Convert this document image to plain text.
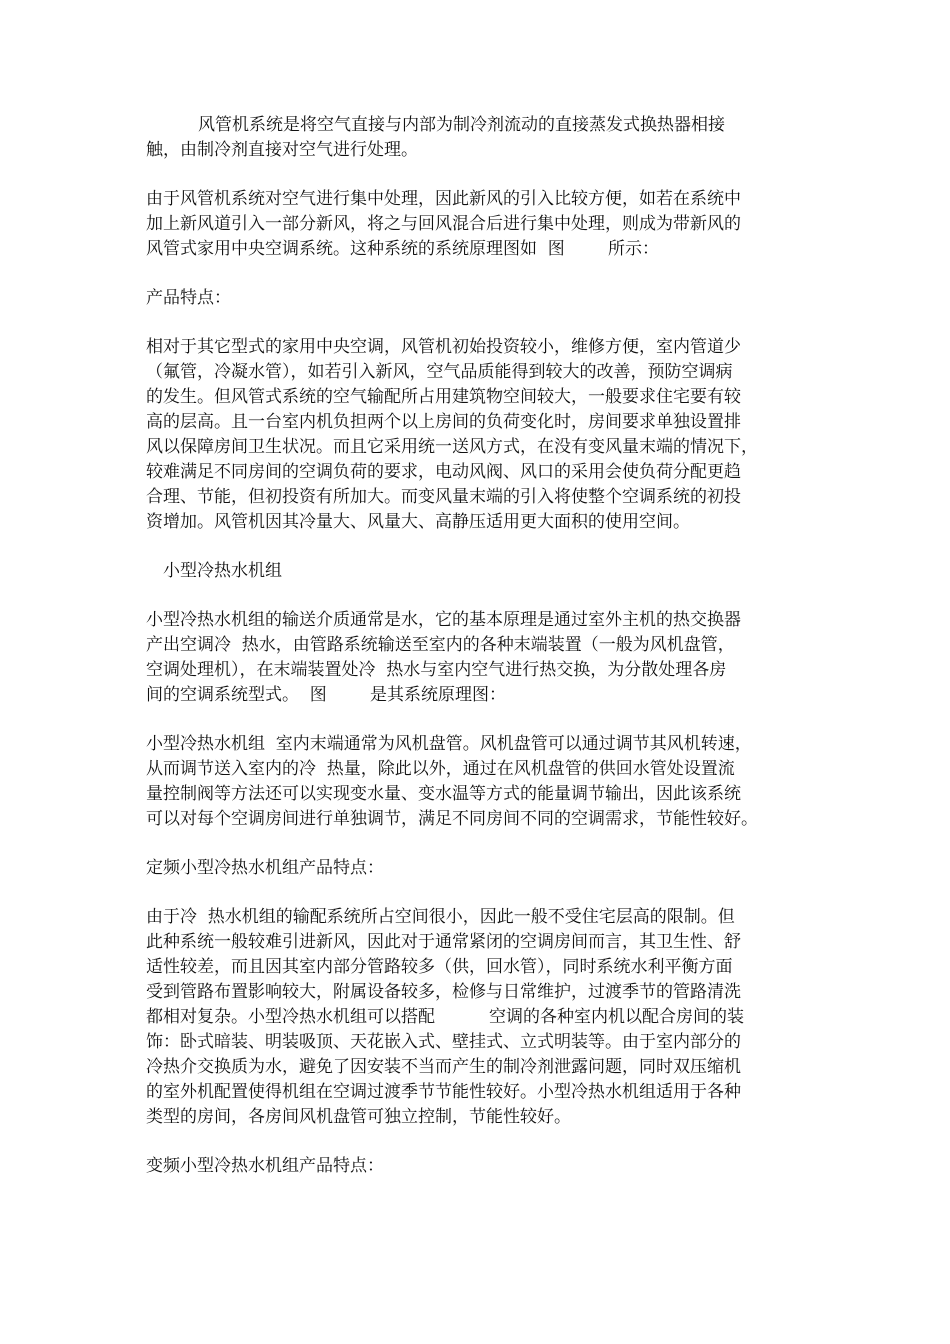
风管机系统是将空气直接与内部为制冷剂流动的直接蒸发式换热器相接
触，由制冷剂直接对空气进行处理。

由于风管机系统对空气进行集中处理，因此新风的引入比较方便，如若在系统中
加上新风道引入一部分新风，将之与回风混合后进行集中处理，则成为带新风的
风管式家用中央空调系统。这种系统的系统原理图如  图        所示：

产品特点：

相对于其它型式的家用中央空调，风管机初始投资较小，维修方便，室内管道少
（氟管，冷凝水管），如若引入新风，空气品质能得到较大的改善，预防空调病
的发生。但风管式系统的空气输配所占用建筑物空间较大，一般要求住宅要有较
高的层高。且一台室内机负担两个以上房间的负荷变化时，房间要求单独设置排
风以保障房间卫生状况。而且它采用统一送风方式，在没有变风量末端的情况下，
较难满足不同房间的空调负荷的要求，电动风阀、风口的采用会使负荷分配更趋
合理、节能，但初投资有所加大。而变风量末端的引入将使整个空调系统的初投
资增加。风管机因其冷量大、风量大、高静压适用更大面积的使用空间。

小型冷热水机组

小型冷热水机组的输送介质通常是水，它的基本原理是通过室外主机的热交换器
产出空调冷  热水，由管路系统输送至室内的各种末端装置（一般为风机盘管，
空调处理机），在末端装置处冷  热水与室内空气进行热交换，为分散处理各房
间的空调系统型式。  图        是其系统原理图：

小型冷热水机组  室内末端通常为风机盘管。风机盘管可以通过调节其风机转速，
从而调节送入室内的冷  热量，除此以外，通过在风机盘管的供回水管处设置流
量控制阀等方法还可以实现变水量、变水温等方式的能量调节输出，因此该系统
可以对每个空调房间进行单独调节，满足不同房间不同的空调需求，节能性较好。

定频小型冷热水机组产品特点：

由于冷  热水机组的输配系统所占空间很小，因此一般不受住宅层高的限制。但
此种系统一般较难引进新风，因此对于通常紧闭的空调房间而言，其卫生性、舒
适性较差，而且因其室内部分管路较多（供，回水管），同时系统水利平衡方面
受到管路布置影响较大，附属设备较多，检修与日常维护，过渡季节的管路清洗
都相对复杂。小型冷热水机组可以搭配          空调的各种室内机以配合房间的装
饰：卧式暗装、明装吸顶、天花嵌入式、壁挂式、立式明装等。由于室内部分的
冷热介交换质为水，避免了因安装不当而产生的制冷剂泄露问题，同时双压缩机
的室外机配置使得机组在空调过渡季节节能性较好。小型冷热水机组适用于各种
类型的房间，各房间风机盘管可独立控制，节能性较好。

变频小型冷热水机组产品特点：
